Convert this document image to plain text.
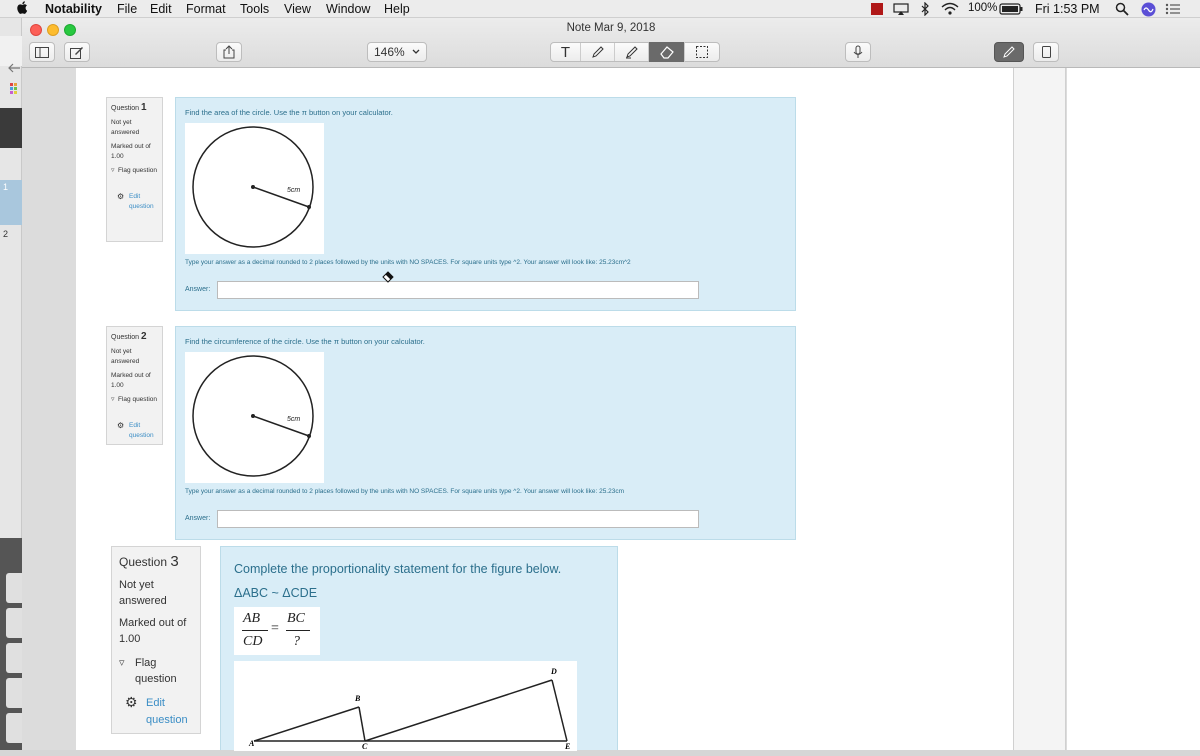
Notability File Edit Format Tools View Window Help	100%	Fri 1:53 PM
1
2
Note Mar 9, 2018
146%	T
Question 1
Not yet answered
Marked out of 1.00
▿ Flag question
⚙ Edit question
Find the area of the circle. Use the π button on your calculator.
5cm
Type your answer as a decimal rounded to 2 places followed by the units with NO SPACES. For square units type ^2. Your answer will look like: 25.23cm^2
Answer:
Question 2
Not yet answered
Marked out of 1.00
▿ Flag question
⚙ Edit question
Find the circumference of the circle. Use the π button on your calculator.
5cm
Type your answer as a decimal rounded to 2 places followed by the units with NO SPACES. For square units type ^2. Your answer will look like: 25.23cm
Answer:
Question 3
Not yet answered
Marked out of 1.00
▿ Flag question
⚙ Edit question
Complete the proportionality statement for the figure below.
ΔABC ~ ΔCDE
AB
CD
=
BC
?
A
B
C
D
E
